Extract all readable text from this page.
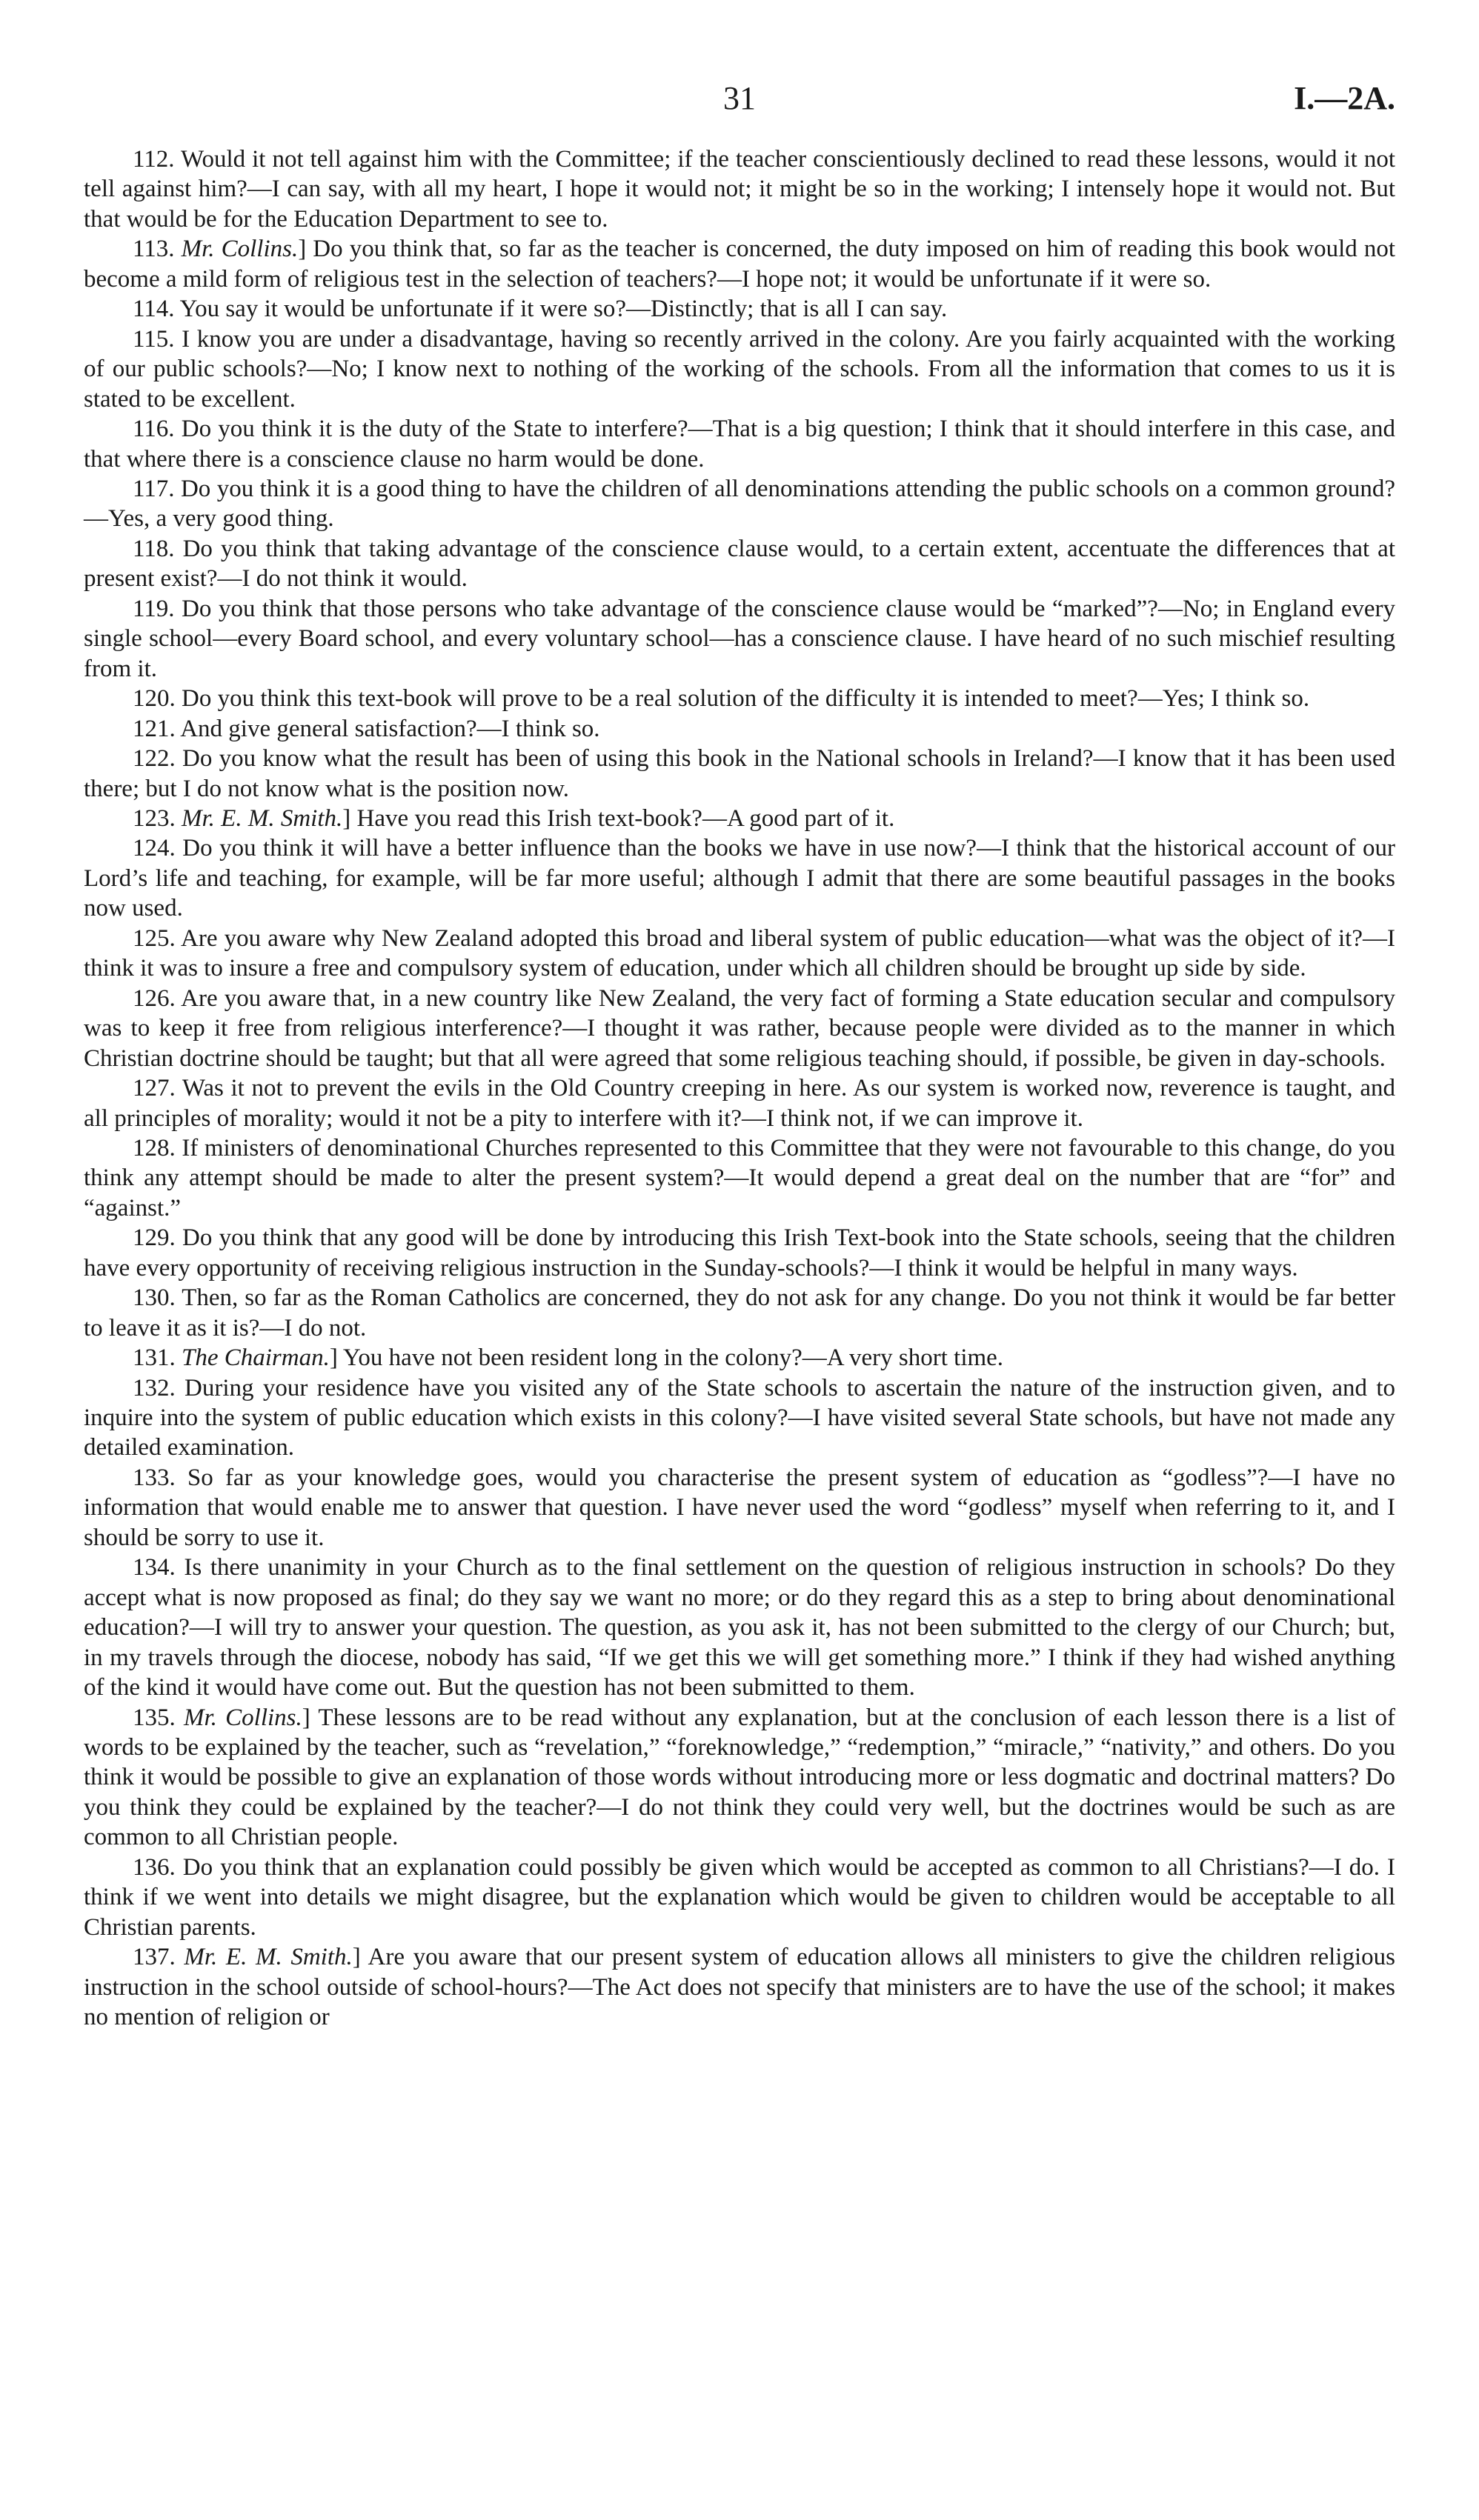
31	I.—2A.

112. Would it not tell against him with the Committee; if the teacher conscientiously declined to read these lessons, would it not tell against him?—I can say, with all my heart, I hope it would not; it might be so in the working; I intensely hope it would not. But that would be for the Education Department to see to.

113. Mr. Collins.] Do you think that, so far as the teacher is concerned, the duty imposed on him of reading this book would not become a mild form of religious test in the selection of teachers?—I hope not; it would be unfortunate if it were so.

114. You say it would be unfortunate if it were so?—Distinctly; that is all I can say.

115. I know you are under a disadvantage, having so recently arrived in the colony. Are you fairly acquainted with the working of our public schools?—No; I know next to nothing of the working of the schools. From all the information that comes to us it is stated to be excellent.

116. Do you think it is the duty of the State to interfere?—That is a big question; I think that it should interfere in this case, and that where there is a conscience clause no harm would be done.

117. Do you think it is a good thing to have the children of all denominations attending the public schools on a common ground?—Yes, a very good thing.

118. Do you think that taking advantage of the conscience clause would, to a certain extent, accentuate the differences that at present exist?—I do not think it would.

119. Do you think that those persons who take advantage of the conscience clause would be “marked”?—No; in England every single school—every Board school, and every voluntary school—has a conscience clause. I have heard of no such mischief resulting from it.

120. Do you think this text-book will prove to be a real solution of the difficulty it is intended to meet?—Yes; I think so.

121. And give general satisfaction?—I think so.

122. Do you know what the result has been of using this book in the National schools in Ireland?—I know that it has been used there; but I do not know what is the position now.

123. Mr. E. M. Smith.] Have you read this Irish text-book?—A good part of it.

124. Do you think it will have a better influence than the books we have in use now?—I think that the historical account of our Lord’s life and teaching, for example, will be far more useful; although I admit that there are some beautiful passages in the books now used.

125. Are you aware why New Zealand adopted this broad and liberal system of public education—what was the object of it?—I think it was to insure a free and compulsory system of education, under which all children should be brought up side by side.

126. Are you aware that, in a new country like New Zealand, the very fact of forming a State education secular and compulsory was to keep it free from religious interference?—I thought it was rather, because people were divided as to the manner in which Christian doctrine should be taught; but that all were agreed that some religious teaching should, if possible, be given in day-schools.

127. Was it not to prevent the evils in the Old Country creeping in here. As our system is worked now, reverence is taught, and all principles of morality; would it not be a pity to interfere with it?—I think not, if we can improve it.

128. If ministers of denominational Churches represented to this Committee that they were not favourable to this change, do you think any attempt should be made to alter the present system?—It would depend a great deal on the number that are “for” and “against.”

129. Do you think that any good will be done by introducing this Irish Text-book into the State schools, seeing that the children have every opportunity of receiving religious instruction in the Sunday-schools?—I think it would be helpful in many ways.

130. Then, so far as the Roman Catholics are concerned, they do not ask for any change. Do you not think it would be far better to leave it as it is?—I do not.

131. The Chairman.] You have not been resident long in the colony?—A very short time.

132. During your residence have you visited any of the State schools to ascertain the nature of the instruction given, and to inquire into the system of public education which exists in this colony?—I have visited several State schools, but have not made any detailed examination.

133. So far as your knowledge goes, would you characterise the present system of education as “godless”?—I have no information that would enable me to answer that question. I have never used the word “godless” myself when referring to it, and I should be sorry to use it.

134. Is there unanimity in your Church as to the final settlement on the question of religious instruction in schools? Do they accept what is now proposed as final; do they say we want no more; or do they regard this as a step to bring about denominational education?—I will try to answer your question. The question, as you ask it, has not been submitted to the clergy of our Church; but, in my travels through the diocese, nobody has said, “If we get this we will get something more.” I think if they had wished anything of the kind it would have come out. But the question has not been submitted to them.

135. Mr. Collins.] These lessons are to be read without any explanation, but at the conclusion of each lesson there is a list of words to be explained by the teacher, such as “revelation,” “foreknowledge,” “redemption,” “miracle,” “nativity,” and others. Do you think it would be possible to give an explanation of those words without introducing more or less dogmatic and doctrinal matters? Do you think they could be explained by the teacher?—I do not think they could very well, but the doctrines would be such as are common to all Christian people.

136. Do you think that an explanation could possibly be given which would be accepted as common to all Christians?—I do. I think if we went into details we might disagree, but the explanation which would be given to children would be acceptable to all Christian parents.

137. Mr. E. M. Smith.] Are you aware that our present system of education allows all ministers to give the children religious instruction in the school outside of school-hours?—The Act does not specify that ministers are to have the use of the school; it makes no mention of religion or
